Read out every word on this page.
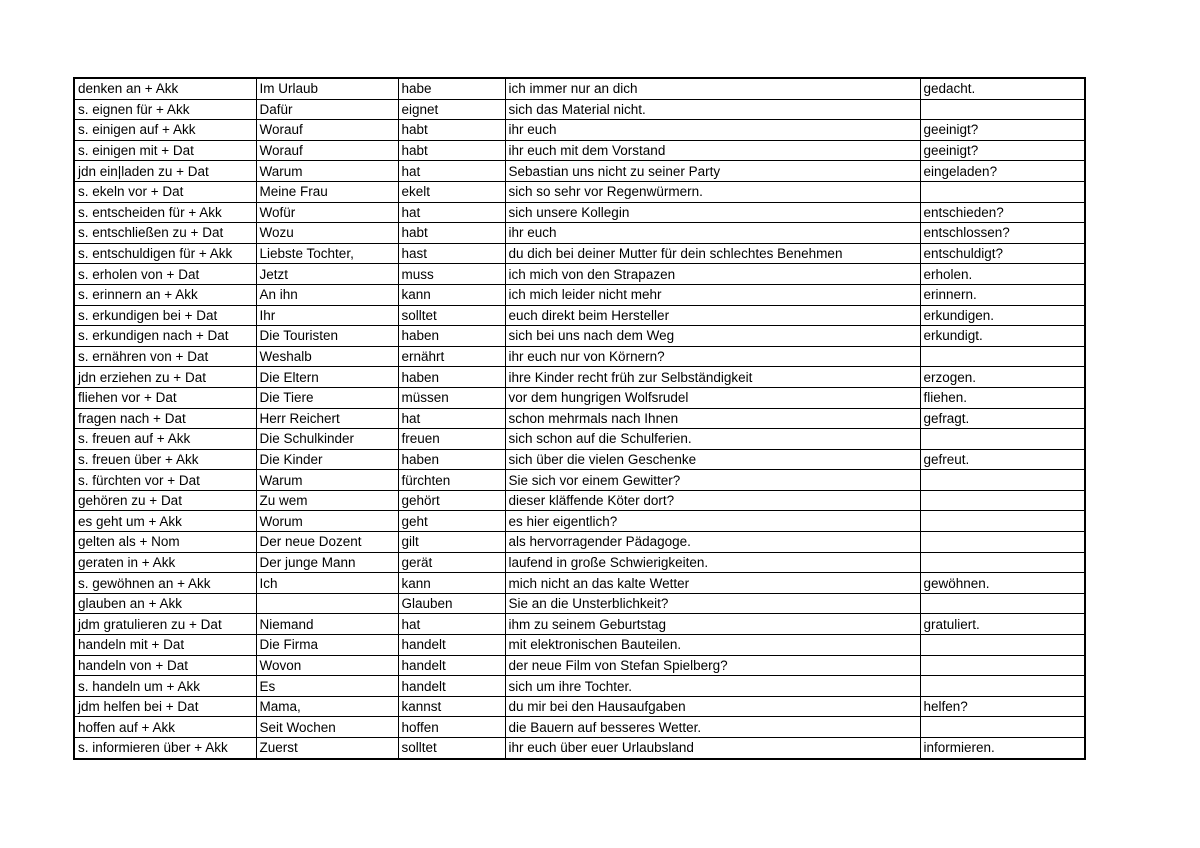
denken an + Akk	Im Urlaub	habe	ich immer nur an dich	gedacht.
s. eignen für + Akk	Dafür	eignet	sich das Material nicht.	
s. einigen auf + Akk	Worauf	habt	ihr euch	geeinigt?
s. einigen mit + Dat	Worauf	habt	ihr euch mit dem Vorstand	geeinigt?
jdn ein|laden zu + Dat	Warum	hat	Sebastian uns nicht zu seiner Party	eingeladen?
s. ekeln vor + Dat	Meine Frau	ekelt	sich so sehr vor Regenwürmern.	
s. entscheiden für + Akk	Wofür	hat	sich unsere Kollegin	entschieden?
s. entschließen zu + Dat	Wozu	habt	ihr euch	entschlossen?
s. entschuldigen für + Akk	Liebste Tochter,	hast	du dich bei deiner Mutter für dein schlechtes Benehmen	entschuldigt?
s. erholen von + Dat	Jetzt	muss	ich mich von den Strapazen	erholen.
s. erinnern an + Akk	An ihn	kann	ich mich leider nicht mehr	erinnern.
s. erkundigen bei + Dat	Ihr	solltet	euch direkt beim Hersteller	erkundigen.
s. erkundigen nach + Dat	Die Touristen	haben	sich bei uns nach dem Weg	erkundigt.
s. ernähren von + Dat	Weshalb	ernährt	ihr euch nur von Körnern?	
jdn erziehen zu + Dat	Die Eltern	haben	ihre Kinder recht früh zur Selbständigkeit	erzogen.
fliehen vor + Dat	Die Tiere	müssen	vor dem hungrigen Wolfsrudel	fliehen.
fragen nach + Dat	Herr Reichert	hat	schon mehrmals nach Ihnen	gefragt.
s. freuen auf + Akk	Die Schulkinder	freuen	sich schon auf die Schulferien.	
s. freuen über + Akk	Die Kinder	haben	sich über die vielen Geschenke	gefreut.
s. fürchten vor + Dat	Warum	fürchten	Sie sich vor einem Gewitter?	
gehören zu + Dat	Zu wem	gehört	dieser kläffende Köter dort?	
es geht um + Akk	Worum	geht	es hier eigentlich?	
gelten als + Nom	Der neue Dozent	gilt	als hervorragender Pädagoge.	
geraten in + Akk	Der junge Mann	gerät	laufend in große Schwierigkeiten.	
s. gewöhnen an + Akk	Ich	kann	mich nicht an das kalte Wetter	gewöhnen.
glauben an + Akk		Glauben	Sie an die Unsterblichkeit?	
jdm gratulieren zu + Dat	Niemand	hat	ihm zu seinem Geburtstag	gratuliert.
handeln mit + Dat	Die Firma	handelt	mit elektronischen Bauteilen.	
handeln von + Dat	Wovon	handelt	der neue Film von Stefan Spielberg?	
s. handeln um + Akk	Es	handelt	sich um ihre Tochter.	
jdm helfen bei + Dat	Mama,	kannst	du mir bei den Hausaufgaben	helfen?
hoffen auf + Akk	Seit Wochen	hoffen	die Bauern auf besseres Wetter.	
s. informieren über + Akk	Zuerst	solltet	ihr euch über euer Urlaubsland	informieren.
